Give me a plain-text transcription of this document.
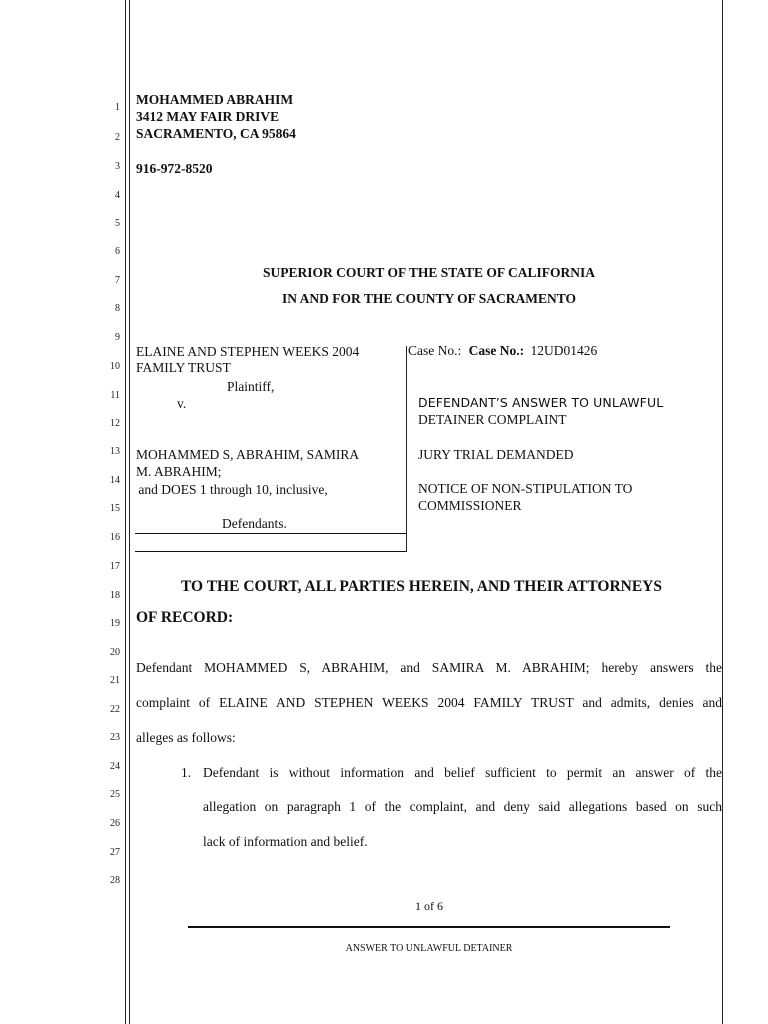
1
2
3
4
5
6
7
8
9
10
11
12
13
14
15
16
17
18
19
20
21
22
23
24
25
26
27
28
MOHAMMED ABRAHIM
3412 MAY FAIR DRIVE
SACRAMENTO, CA 95864
916-972-8520
SUPERIOR COURT OF THE STATE OF CALIFORNIA
IN AND FOR THE COUNTY OF SACRAMENTO
ELAINE AND STEPHEN WEEKS 2004
FAMILY TRUST
Plaintiff,
v.
MOHAMMED S, ABRAHIM, SAMIRA
M. ABRAHIM;
and DOES 1 through 10, inclusive,
Defendants.
Case No.: Case No.: 12UD01426
DEFENDANT’S ANSWER TO UNLAWFUL
DETAINER COMPLAINT
JURY TRIAL DEMANDED
NOTICE OF NON-STIPULATION TO
COMMISSIONER
TO THE COURT, ALL PARTIES HEREIN, AND THEIR ATTORNEYS
OF RECORD:
Defendant MOHAMMED S, ABRAHIM, and SAMIRA M. ABRAHIM; hereby answers the
complaint of ELAINE AND STEPHEN WEEKS 2004 FAMILY TRUST and admits, denies and
alleges as follows:
1. Defendant is without information and belief sufficient to permit an answer of the
allegation on paragraph 1 of the complaint, and deny said allegations based on such
lack of information and belief.
1 of 6
ANSWER TO UNLAWFUL DETAINER
